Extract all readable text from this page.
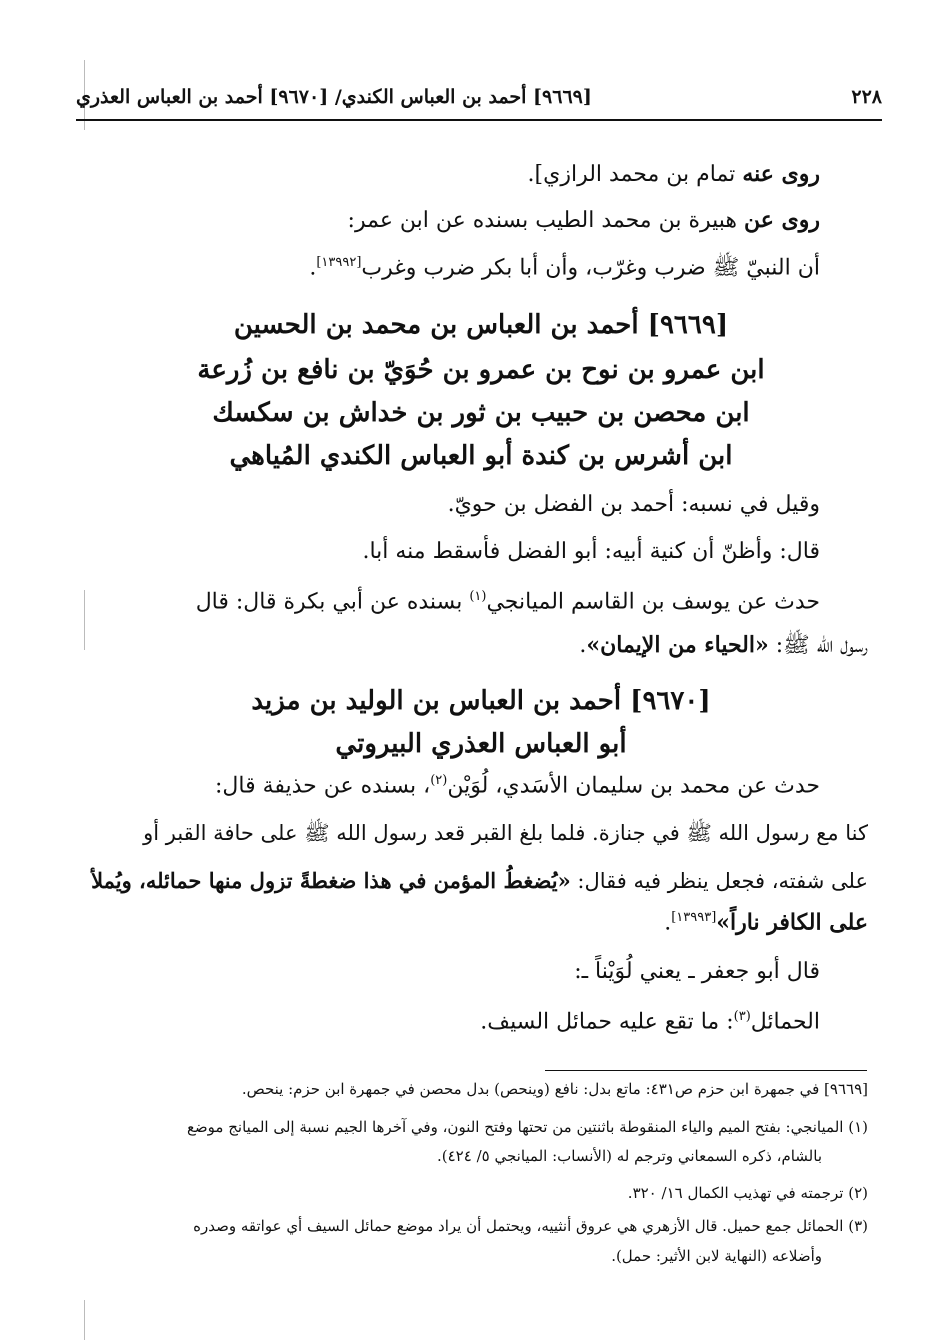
٢٢٨
[٩٦٦٩] أحمد بن العباس الكندي/ [٩٦٧٠] أحمد بن العباس العذري
روى عنه تمام بن محمد الرازي].
روى عن هبيرة بن محمد الطيب بسنده عن ابن عمر:
أن النبيّ ﷺ ضرب وغرّب، وأن أبا بكر ضرب وغرب[١٣٩٩٢].
[٩٦٦٩] أحمد بن العباس بن محمد بن الحسين
ابن عمرو بن نوح بن عمرو بن حُوَيّ بن نافع بن زُرعة
ابن محصن بن حبيب بن ثور بن خداش بن سكسك
ابن أشرس بن كندة أبو العباس الكندي المُياهي
وقيل في نسبه: أحمد بن الفضل بن حويّ.
قال: وأظنّ أن كنية أبيه: أبو الفضل فأسقط منه أبا.
حدث عن يوسف بن القاسم الميانجي$^{(١)}$ بسنده عن أبي بكرة قال: قال
رسول الله ﷺ: «الحياء من الإيمان».
[٩٦٧٠] أحمد بن العباس بن الوليد بن مزيد
أبو العباس العذري البيروتي
حدث عن محمد بن سليمان الأسَدي، لُوَيْن$^{(٢)}$، بسنده عن حذيفة قال:
كنا مع رسول الله ﷺ في جنازة. فلما بلغ القبر قعد رسول الله ﷺ على حافة القبر أو
على شفته، فجعل ينظر فيه فقال: «يُضغطُ المؤمن في هذا ضغطةً تزول منها حمائله، ويُملأ
على الكافر ناراً»[١٣٩٩٣].
قال أبو جعفر ـ يعني لُوَيْناً ـ:
الحمائل$^{(٣)}$: ما تقع عليه حمائل السيف.
[٩٦٦٩] في جمهرة ابن حزم ص٤٣١: ماتع بدل: نافع (وينحص) بدل محصن في جمهرة ابن حزم: ينحص.
(١) الميانجي: بفتح الميم والياء المنقوطة باثنتين من تحتها وفتح النون، وفي آخرها الجيم نسبة إلى الميانج موضع
بالشام، ذكره السمعاني وترجم له (الأنساب: الميانجي ٥/ ٤٢٤).
(٢) ترجمته في تهذيب الكمال ١٦/ ٣٢٠.
(٣) الحمائل جمع حميل. قال الأزهري هي عروق أنثييه، ويحتمل أن يراد موضع حمائل السيف أي عواتقه وصدره
وأضلاعه (النهاية لابن الأثير: حمل).
